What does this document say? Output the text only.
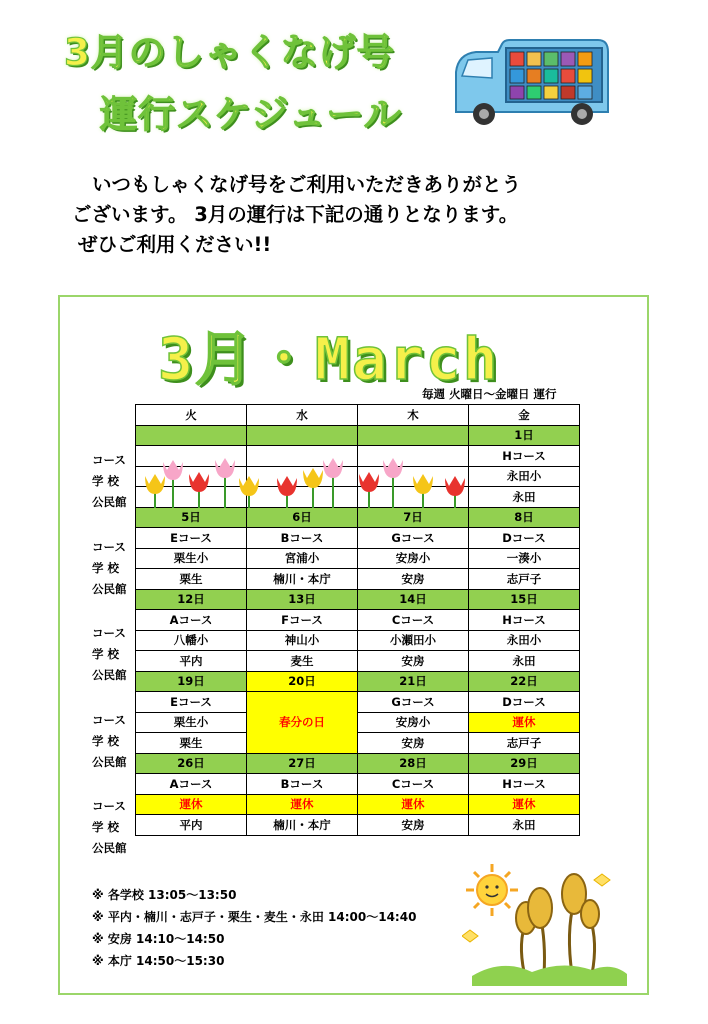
3月のしゃくなげ号
運行スケジュール
いつもしゃくなげ号をご利用いただきありがとう
ございます。 3月の運行は下記の通りとなります。
ぜひご利用ください!!
3月・March
毎週 火曜日～金曜日 運行
コース
学 校
公民館
コース
学 校
公民館
コース
学 校
公民館
コース
学 校
公民館
コース
学 校
公民館
火	水	木	金
			1日
			Hコース
			永田小
			永田
5日	6日	7日	8日
Eコース	Bコース	Gコース	Dコース
栗生小	宮浦小	安房小	一湊小
栗生	楠川・本庁	安房	志戸子
12日	13日	14日	15日
Aコース	Fコース	Cコース	Hコース
八幡小	神山小	小瀬田小	永田小
平内	麦生	安房	永田
19日	20日	21日	22日
Eコース	春分の日	Gコース	Dコース
栗生小		安房小	運休
栗生		安房	志戸子
26日	27日	28日	29日
Aコース	Bコース	Cコース	Hコース
運休	運休	運休	運休
平内	楠川・本庁	安房	永田
※ 各学校 13:05～13:50
※ 平内・楠川・志戸子・栗生・麦生・永田 14:00～14:40
※ 安房 14:10～14:50
※ 本庁 14:50～15:30
